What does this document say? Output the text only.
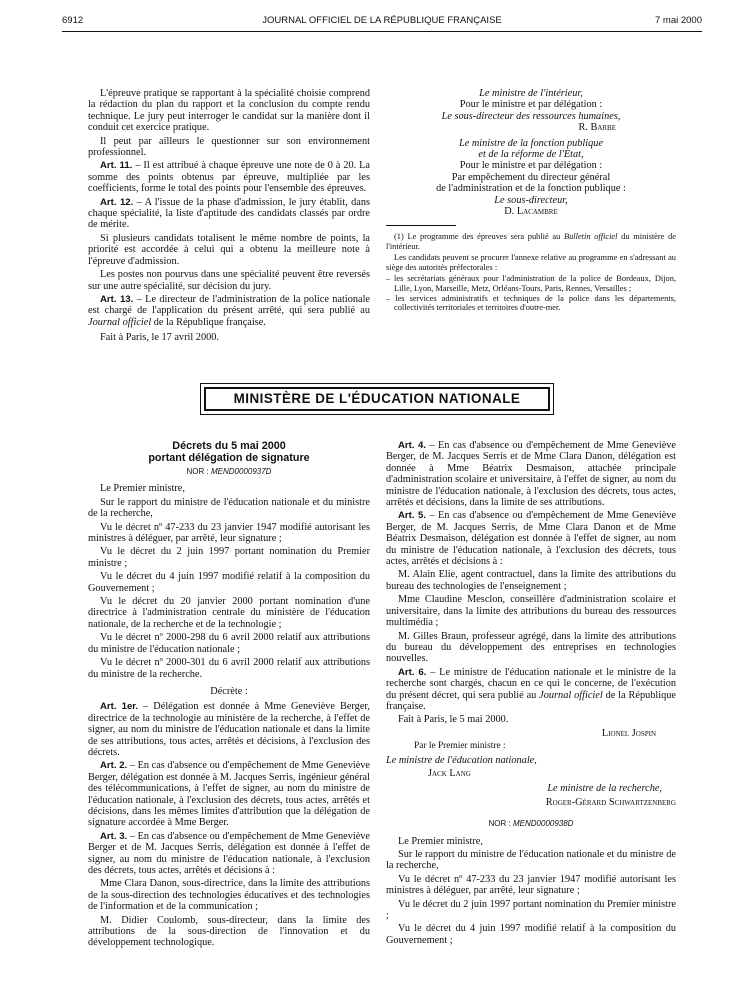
6912	JOURNAL OFFICIEL DE LA RÉPUBLIQUE FRANÇAISE	7 mai 2000

L'épreuve pratique se rapportant à la spécialité choisie comprend la rédaction du plan du rapport et la conclusion du compte rendu technique. Le jury peut interroger le candidat sur la manière dont il conduit cet exercice pratique.

Il peut par ailleurs le questionner sur son environnement professionnel.

Art. 11. – Il est attribué à chaque épreuve une note de 0 à 20. La somme des points obtenus par épreuve, multipliée par les coefficients, forme le total des points pour l'ensemble des épreuves.

Art. 12. – A l'issue de la phase d'admission, le jury établit, dans chaque spécialité, la liste d'aptitude des candidats classés par ordre de mérite.

Si plusieurs candidats totalisent le même nombre de points, la priorité est accordée à celui qui a obtenu la meilleure note à l'épreuve d'admission.

Les postes non pourvus dans une spécialité peuvent être reversés sur une autre spécialité, sur décision du jury.

Art. 13. – Le directeur de l'administration de la police nationale est chargé de l'application du présent arrêté, qui sera publié au Journal officiel de la République française.

Fait à Paris, le 17 avril 2000.

Le ministre de l'intérieur,

Pour le ministre et par délégation :

Le sous-directeur des ressources humaines,

R. Barbe

Le ministre de la fonction publique

et de la réforme de l'Etat,

Pour le ministre et par délégation :

Par empêchement du directeur général

de l'administration et de la fonction publique :

Le sous-directeur,

D. Lacambre

(1) Le programme des épreuves sera publié au Bulletin officiel du ministère de l'intérieur.

Les candidats peuvent se procurer l'annexe relative au programme en s'adressant au siège des autorités préfectorales :

– les secrétariats généraux pour l'administration de la police de Bordeaux, Dijon, Lille, Lyon, Marseille, Metz, Orléans-Tours, Paris, Rennes, Versailles ;
– les services administratifs et techniques de la police dans les départements, collectivités territoriales et territoires d'outre-mer.
MINISTÈRE DE L'ÉDUCATION NATIONALE
Décrets du 5 mai 2000
portant délégation de signature
NOR : MEND0000937D

Le Premier ministre,

Sur le rapport du ministre de l'éducation nationale et du ministre de la recherche,

Vu le décret nº 47-233 du 23 janvier 1947 modifié autorisant les ministres à déléguer, par arrêté, leur signature ;

Vu le décret du 2 juin 1997 portant nomination du Premier ministre ;

Vu le décret du 4 juin 1997 modifié relatif à la composition du Gouvernement ;

Vu le décret du 20 janvier 2000 portant nomination d'une directrice à l'administration centrale du ministère de l'éducation nationale, de la recherche et de la technologie ;

Vu le décret nº 2000-298 du 6 avril 2000 relatif aux attributions du ministre de l'éducation nationale ;

Vu le décret nº 2000-301 du 6 avril 2000 relatif aux attributions du ministre de la recherche.

Décrète :

Art. 1er. – Délégation est donnée à Mme Geneviève Berger, directrice de la technologie au ministère de la recherche, à l'effet de signer, au nom du ministre de l'éducation nationale et dans la limite de ses attributions, tous actes, arrêtés et décisions, à l'exclusion des décrets.

Art. 2. – En cas d'absence ou d'empêchement de Mme Geneviève Berger, délégation est donnée à M. Jacques Serris, ingénieur général des télécommunications, à l'effet de signer, au nom du ministre de l'éducation nationale, à l'exclusion des décrets, tous actes, arrêtés et décisions, dans les mêmes limites d'attribution que la délégation de signature accordée à Mme Berger.

Art. 3. – En cas d'absence ou d'empêchement de Mme Geneviève Berger et de M. Jacques Serris, délégation est donnée à l'effet de signer, au nom du ministre de l'éducation nationale, à l'exclusion des décrets, tous actes, arrêtés et décisions à :

Mme Clara Danon, sous-directrice, dans la limite des attributions de la sous-direction des technologies éducatives et des technologies de l'information et de la communication ;

M. Didier Coulomb, sous-directeur, dans la limite des attributions de la sous-direction de l'innovation et du développement technologique.

Art. 4. – En cas d'absence ou d'empêchement de Mme Geneviève Berger, de M. Jacques Serris et de Mme Clara Danon, délégation est donnée à Mme Béatrix Desmaison, attachée principale d'administration scolaire et universitaire, à l'effet de signer, au nom du ministre de l'éducation nationale, à l'exclusion des décrets, tous actes, arrêtés et décisions, dans la limite de ses attributions.

Art. 5. – En cas d'absence ou d'empêchement de Mme Geneviève Berger, de M. Jacques Serris, de Mme Clara Danon et de Mme Béatrix Desmaison, délégation est donnée à l'effet de signer, au nom du ministre de l'éducation nationale, à l'exclusion des décrets, tous actes, arrêtés et décisions à :

M. Alain Elie, agent contractuel, dans la limite des attributions du bureau des technologies de l'enseignement ;

Mme Claudine Mesclon, conseillère d'administration scolaire et universitaire, dans la limite des attributions du bureau des ressources multimédia ;

M. Gilles Braun, professeur agrégé, dans la limite des attributions du bureau du développement des entreprises en technologies nouvelles.

Art. 6. – Le ministre de l'éducation nationale et le ministre de la recherche sont chargés, chacun en ce qui le concerne, de l'exécution du présent décret, qui sera publié au Journal officiel de la République française.

Fait à Paris, le 5 mai 2000.

Lionel Jospin

Par le Premier ministre :

Le ministre de l'éducation nationale,

Jack Lang

Le ministre de la recherche,

Roger-Gérard Schwartzenberg

NOR : MEND0000938D

Le Premier ministre,

Sur le rapport du ministre de l'éducation nationale et du ministre de la recherche,

Vu le décret nº 47-233 du 23 janvier 1947 modifié autorisant les ministres à déléguer, par arrêté, leur signature ;

Vu le décret du 2 juin 1997 portant nomination du Premier ministre ;

Vu le décret du 4 juin 1997 modifié relatif à la composition du Gouvernement ;
